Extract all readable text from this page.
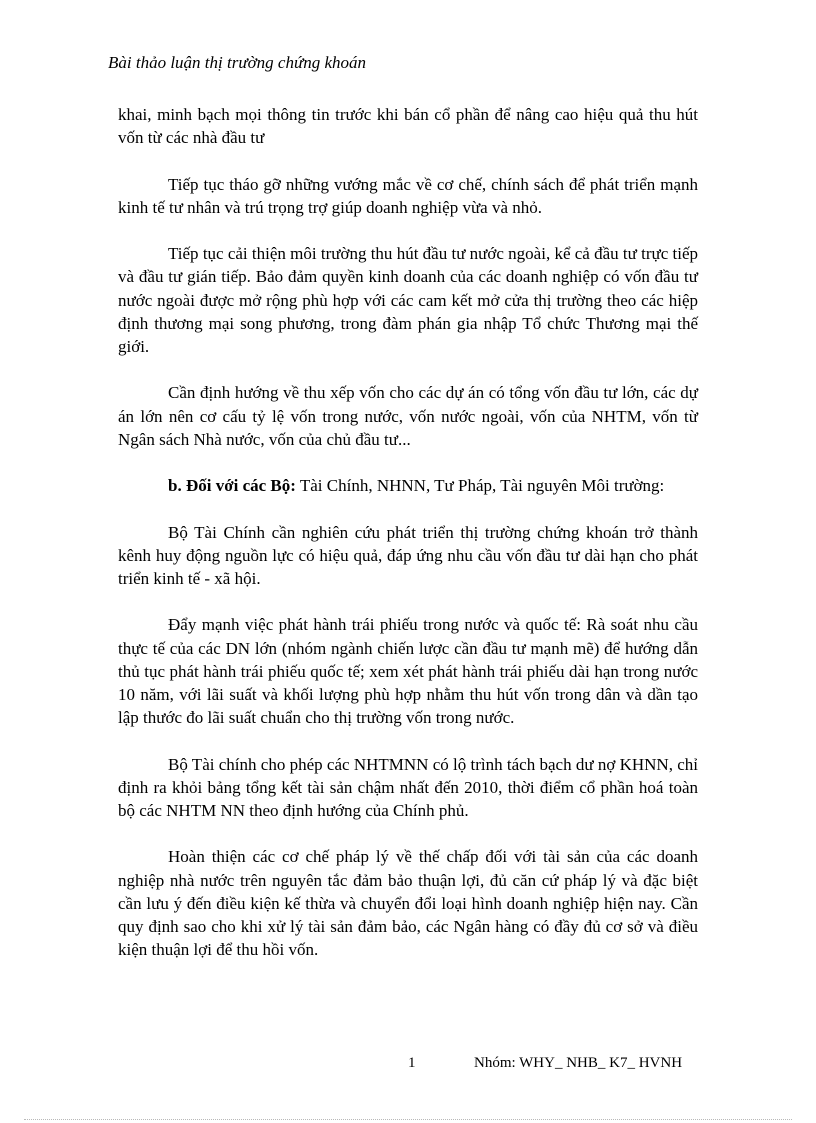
Bài thảo luận thị trường chứng khoán

khai, minh bạch mọi thông tin trước khi bán cổ phần để nâng cao hiệu quả thu hút vốn từ các nhà đầu tư

Tiếp tục tháo gỡ những vướng mắc về cơ chế, chính sách để phát triển mạnh kinh tế tư nhân và trú trọng trợ giúp doanh nghiệp vừa và nhỏ.

Tiếp tục cải thiện môi trường thu hút đầu tư nước ngoài, kể cả đầu tư trực tiếp và đầu tư gián tiếp. Bảo đảm quyền kinh doanh của các doanh nghiệp có vốn đầu tư nước ngoài được mở rộng phù hợp với các cam kết mở cửa thị trường theo các hiệp định thương mại song phương, trong đàm phán gia nhập Tổ chức Thương mại thế giới.

Cần định hướng về thu xếp vốn cho các dự án có tổng vốn đầu tư lớn, các dự án lớn nên cơ cấu tỷ lệ vốn trong nước, vốn nước ngoài, vốn của NHTM, vốn từ Ngân sách Nhà nước, vốn của chủ đầu tư...

b. Đối với các Bộ: Tài Chính, NHNN, Tư Pháp, Tài nguyên Môi trường:

Bộ Tài Chính cần nghiên cứu phát triển thị trường chứng khoán trở thành kênh huy động nguồn lực có hiệu quả, đáp ứng nhu cầu vốn đầu tư dài hạn cho phát triển kinh tế - xã hội.

Đẩy mạnh việc phát hành trái phiếu trong nước và quốc tế: Rà soát nhu cầu thực tế của các DN lớn (nhóm ngành chiến lược cần đầu tư mạnh mẽ) để hướng dẫn thủ tục phát hành trái phiếu quốc tế; xem xét phát hành trái phiếu dài hạn trong nước 10 năm, với lãi suất và khối lượng phù hợp nhằm thu hút vốn trong dân và dần tạo lập thước đo lãi suất chuẩn cho thị trường vốn trong nước.

Bộ Tài chính cho phép các NHTMNN có lộ trình tách bạch dư nợ KHNN, chỉ định ra khỏi bảng tổng kết tài sản chậm nhất đến 2010, thời điểm cổ phần hoá toàn bộ các NHTM NN theo định hướng của Chính phủ.

Hoàn thiện các cơ chế pháp lý về thế chấp đối với tài sản của các doanh nghiệp nhà nước trên nguyên tắc đảm bảo thuận lợi, đủ căn cứ pháp lý và đặc biệt cần lưu ý đến điều kiện kế thừa và chuyển đổi loại hình doanh nghiệp hiện nay. Cần quy định sao cho khi xử lý tài sản đảm bảo, các Ngân hàng có đầy đủ cơ sở và điều kiện thuận lợi để thu hồi vốn.

1	Nhóm: WHY_ NHB_ K7_ HVNH
